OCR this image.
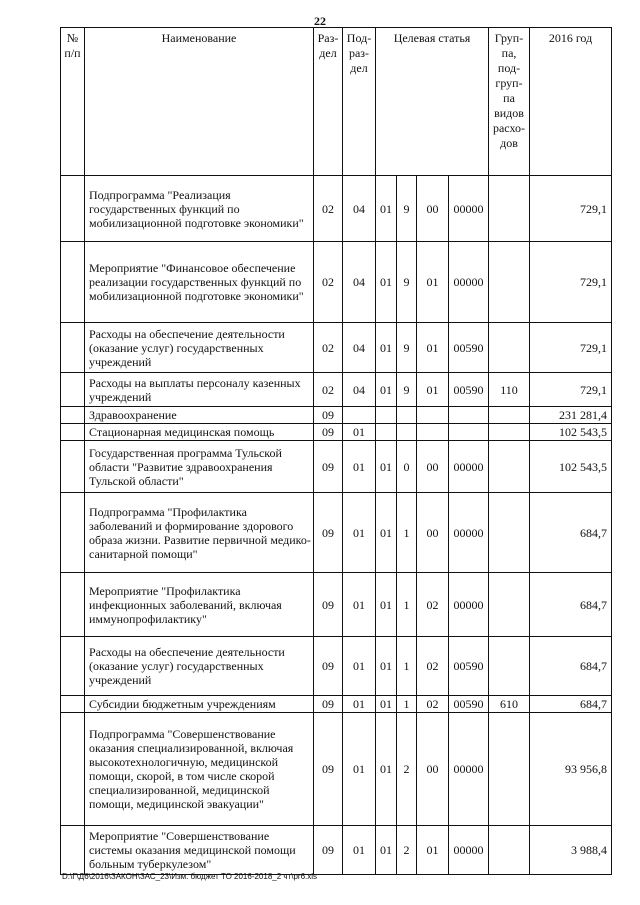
22
№ п/п	Наименование	Раз-дел	Под-раз-дел	Целевая статья				Груп-па, под-груп-па видов расхо-дов	2016 год
	Подпрограмма "Реализация государственных функций по мобилизационной подготовке экономики"	02	04	01	9	00	00000		729,1
	Мероприятие "Финансовое обеспечение реализации государственных функций по мобилизационной подготовке экономики"	02	04	01	9	01	00000		729,1
	Расходы на обеспечение деятельности (оказание услуг) государственных учреждений	02	04	01	9	01	00590		729,1
	Расходы на выплаты персоналу казенных учреждений	02	04	01	9	01	00590	110	729,1
	Здравоохранение	09							231 281,4
	Стационарная медицинская помощь	09	01						102 543,5
	Государственная программа Тульской области "Развитие здравоохранения Тульской области"	09	01	01	0	00	00000		102 543,5
	Подпрограмма "Профилактика заболеваний и формирование здорового образа жизни. Развитие первичной медико-санитарной помощи"	09	01	01	1	00	00000		684,7
	Мероприятие "Профилактика инфекционных заболеваний, включая иммунопрофилактику"	09	01	01	1	02	00000		684,7
	Расходы на обеспечение деятельности (оказание услуг) государственных учреждений	09	01	01	1	02	00590		684,7
	Субсидии бюджетным учреждениям	09	01	01	1	02	00590	610	684,7
	Подпрограмма "Совершенствование оказания специализированной, включая высокотехнологичную, медицинской помощи, скорой, в том числе скорой специализированной, медицинской помощи, медицинской эвакуации"	09	01	01	2	00	00000		93 956,8
	Мероприятие "Совершенствование системы оказания медицинской помощи больным туберкулезом"	09	01	01	2	01	00000		3 988,4
D:\Г\Д6\2016\ЗАКОН\ЗАС_23\Изм. бюджет ТО 2016-2018_2 чт\pr6.xls
